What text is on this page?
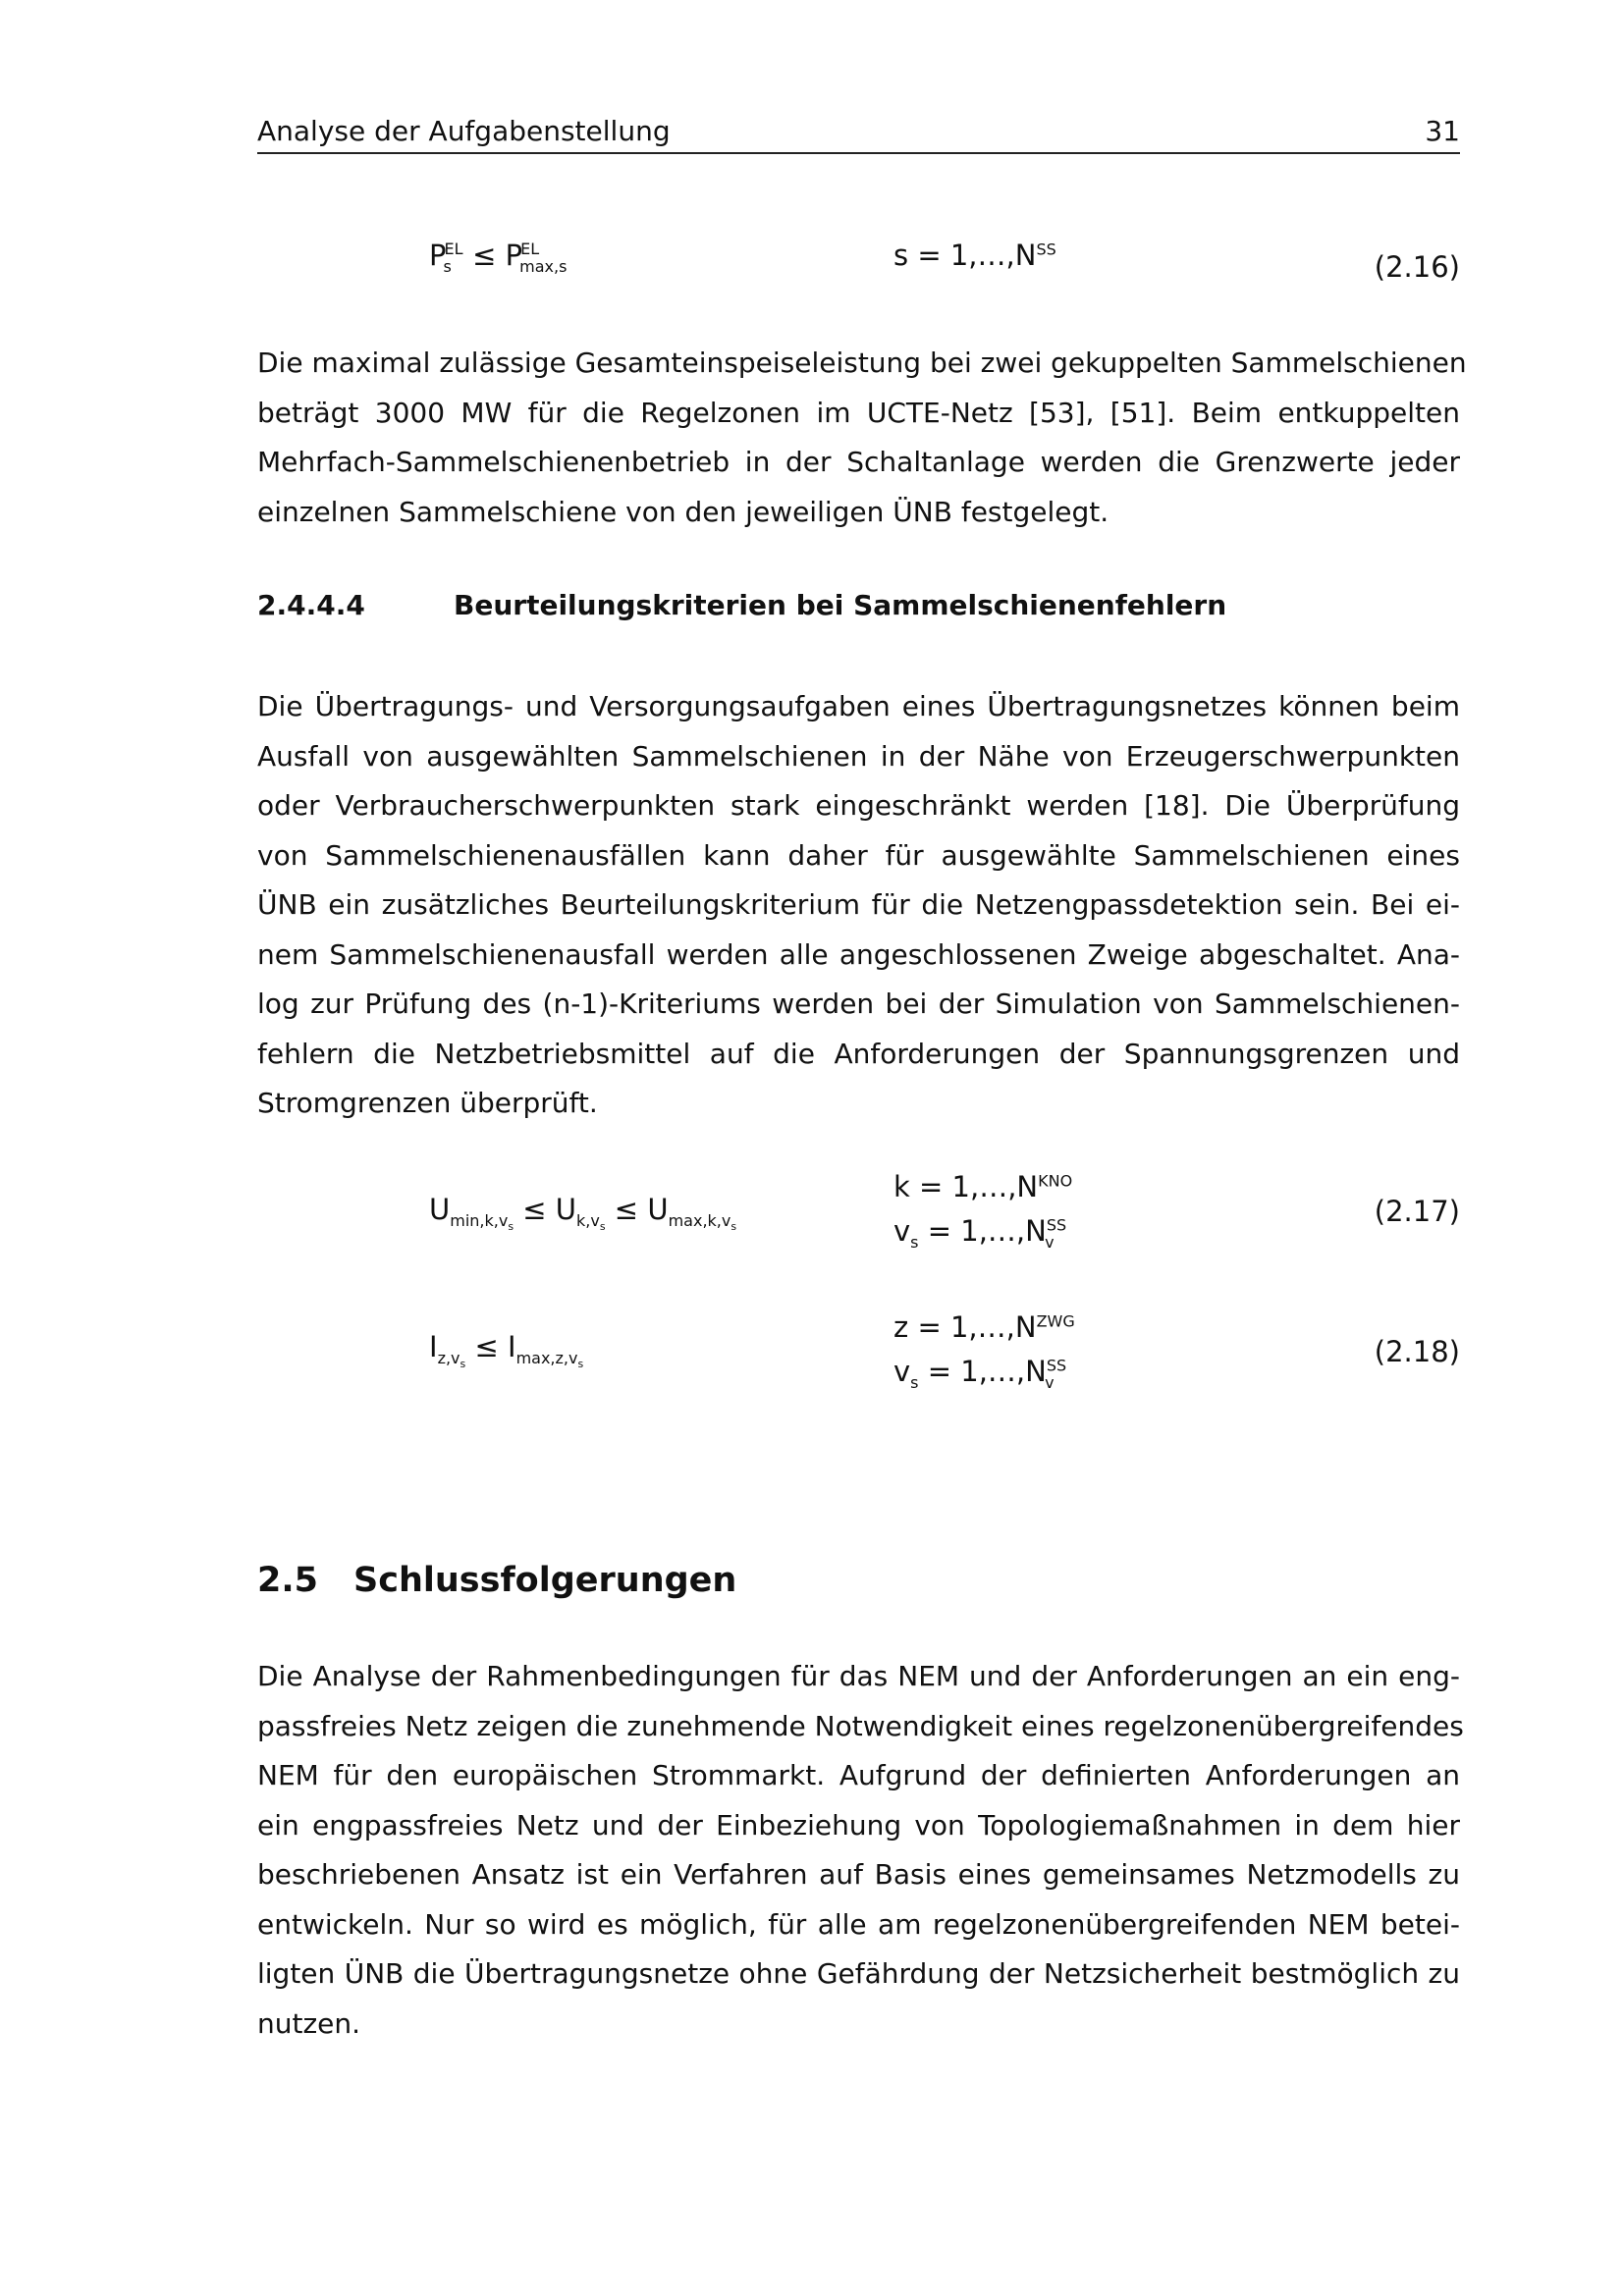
Analyse der Aufgabenstellung	31
$P^{EL}_s \le P^{EL}_{max,s}$	$s = 1,\dots,N^{SS}$
(2.16)
Die maximal zulässige Gesamteinspeiseleistung bei zwei gekuppelten Sammelschienen
beträgt 3000 MW für die Regelzonen im UCTE-Netz [53], [51]. Beim entkuppelten
Mehrfach-Sammelschienenbetrieb in der Schaltanlage werden die Grenzwerte jeder
einzelnen Sammelschiene von den jeweiligen ÜNB festgelegt.
2.4.4.4	Beurteilungskriterien bei Sammelschienenfehlern
Die Übertragungs- und Versorgungsaufgaben eines Übertragungsnetzes können beim
Ausfall von ausgewählten Sammelschienen in der Nähe von Erzeugerschwerpunkten
oder Verbraucherschwerpunkten stark eingeschränkt werden [18]. Die Überprüfung
von Sammelschienenausfällen kann daher für ausgewählte Sammelschienen eines
ÜNB ein zusätzliches Beurteilungskriterium für die Netzengpassdetektion sein. Bei ei-
nem Sammelschienenausfall werden alle angeschlossenen Zweige abgeschaltet. Ana-
log zur Prüfung des (n-1)-Kriteriums werden bei der Simulation von Sammelschienen-
fehlern die Netzbetriebsmittel auf die Anforderungen der Spannungsgrenzen und
Stromgrenzen überprüft.
$U_{min,k,v_s} \le U_{k,v_s} \le U_{max,k,v_s}$
$k = 1,\dots,N^{KNO}$
$v_s$ = $1,\dots,N^{SS}_v$
(2.17)
$I_{z,v_s} \le I_{max,z,v_s}$
$z = 1,\dots,N^{ZWG}$
$v_s$ = $1,\dots,N^{SS}_v$
(2.18)
2.5 Schlussfolgerungen
Die Analyse der Rahmenbedingungen für das NEM und der Anforderungen an ein eng-
passfreies Netz zeigen die zunehmende Notwendigkeit eines regelzonenübergreifendes
NEM für den europäischen Strommarkt. Aufgrund der definierten Anforderungen an
ein engpassfreies Netz und der Einbeziehung von Topologiemaßnahmen in dem hier
beschriebenen Ansatz ist ein Verfahren auf Basis eines gemeinsames Netzmodells zu
entwickeln. Nur so wird es möglich, für alle am regelzonenübergreifenden NEM betei-
ligten ÜNB die Übertragungsnetze ohne Gefährdung der Netzsicherheit bestmöglich zu
nutzen.
